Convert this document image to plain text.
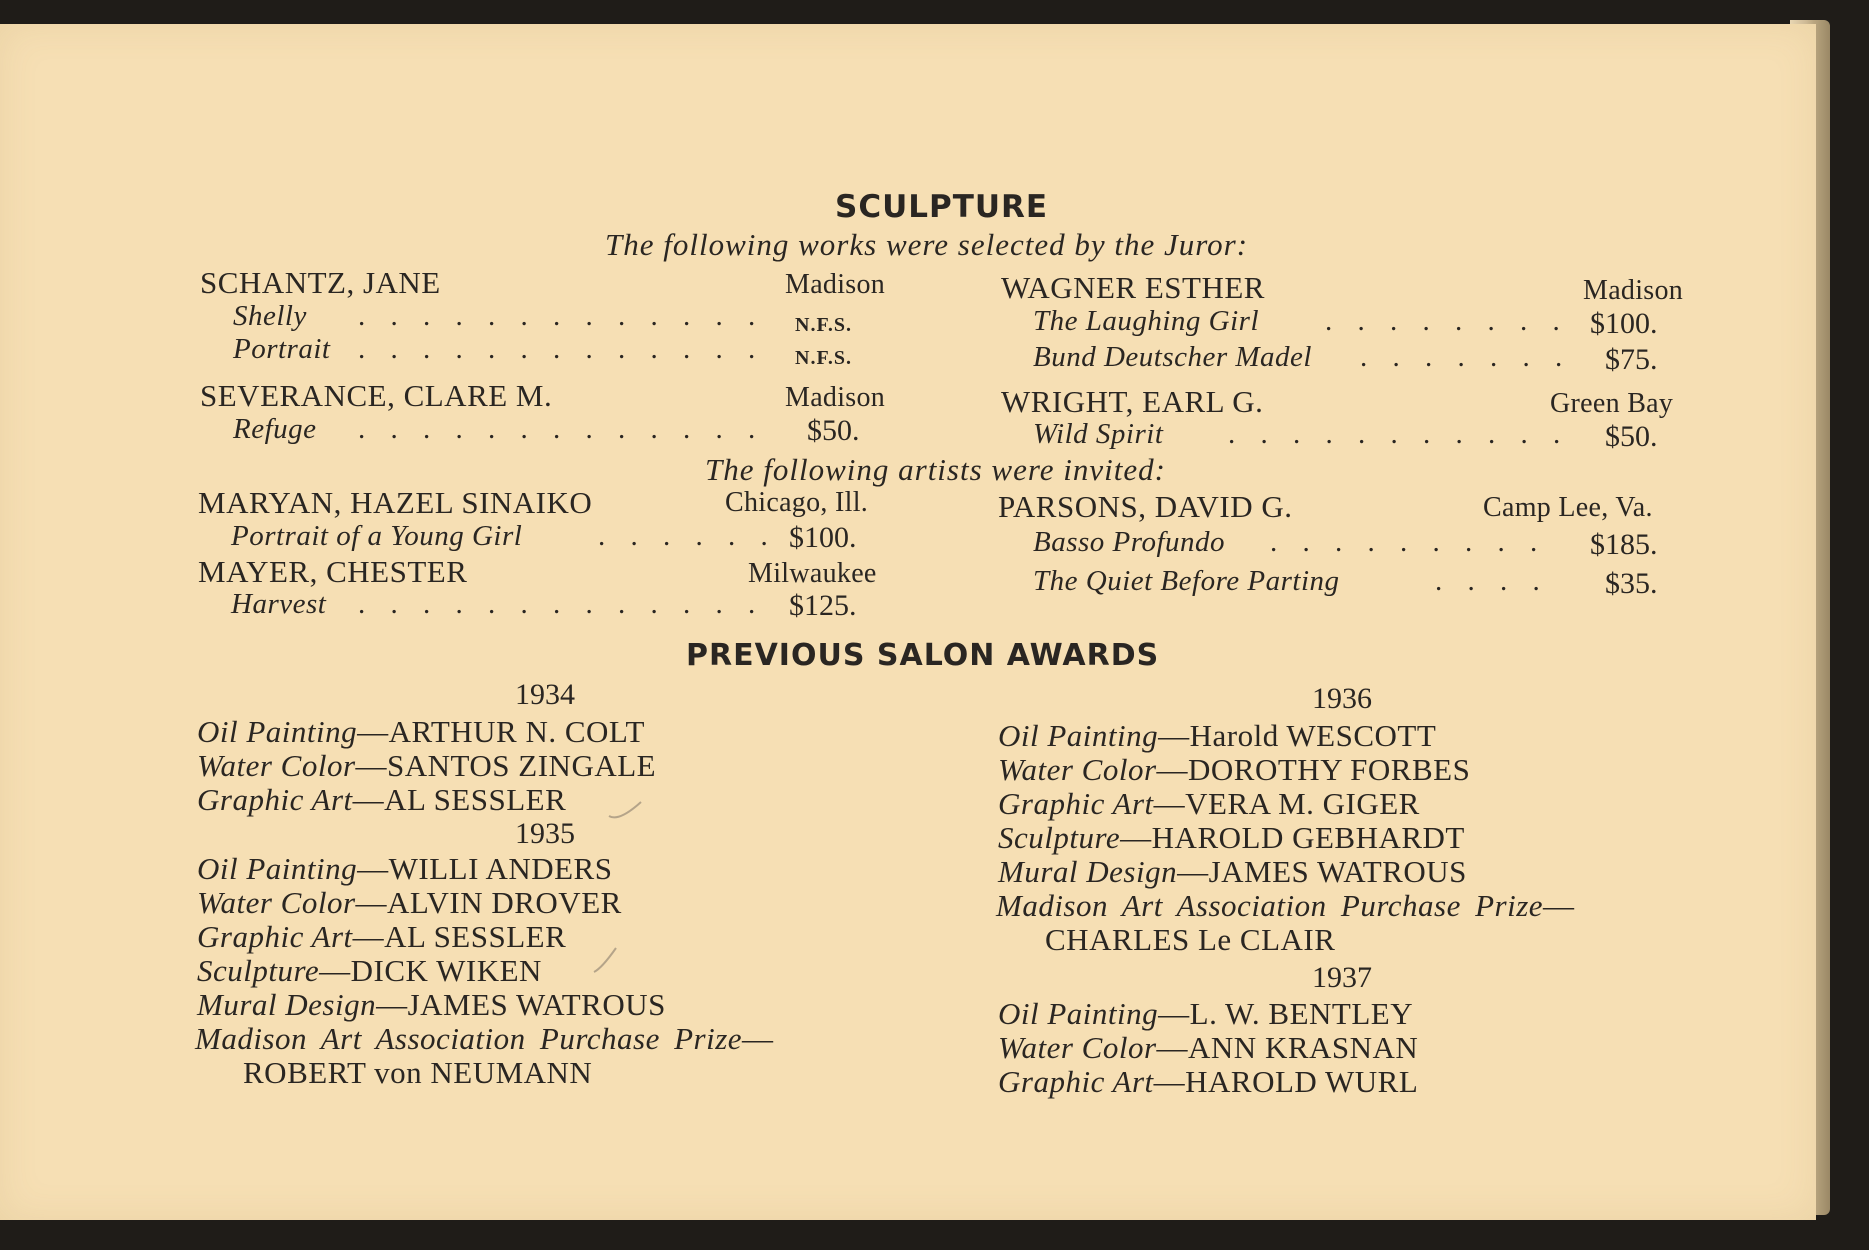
SCULPTURE
The following works were selected by the Juror:
SCHANTZ, JANE	Madison
Shelly . . . . . . . . . . . . . N.F.S.
Portrait . . . . . . . . . . . . . N.F.S.
SEVERANCE, CLARE M.	Madison
Refuge . . . . . . . . . . . . . $50.
WAGNER ESTHER	Madison
The Laughing Girl . . . . . . . . $100.
Bund Deutscher Madel . . . . . . . $75.
WRIGHT, EARL G.	Green Bay
Wild Spirit . . . . . . . . . . . $50.
The following artists were invited:
MARYAN, HAZEL SINAIKO	Chicago, Ill.
Portrait of a Young Girl	. . . . . . $100.
MAYER, CHESTER	Milwaukee
Harvest . . . . . . . . . . . . . $125.
PARSONS, DAVID G.	Camp Lee, Va.
Basso Profundo . . . . . . . . . $185.
The Quiet Before Parting	. . . . $35.
PREVIOUS SALON AWARDS
1934
Oil Painting—ARTHUR N. COLT
Water Color—SANTOS ZINGALE
Graphic Art—AL SESSLER
1935
Oil Painting—WILLI ANDERS
Water Color—ALVIN DROVER
Graphic Art—AL SESSLER
Sculpture—DICK WIKEN
Mural Design—JAMES WATROUS
Madison Art Association Purchase Prize—
ROBERT von NEUMANN
1936
Oil Painting—Harold WESCOTT
Water Color—DOROTHY FORBES
Graphic Art—VERA M. GIGER
Sculpture—HAROLD GEBHARDT
Mural Design—JAMES WATROUS
Madison Art Association Purchase Prize—
CHARLES Le CLAIR
1937
Oil Painting—L. W. BENTLEY
Water Color—ANN KRASNAN
Graphic Art—HAROLD WURL
